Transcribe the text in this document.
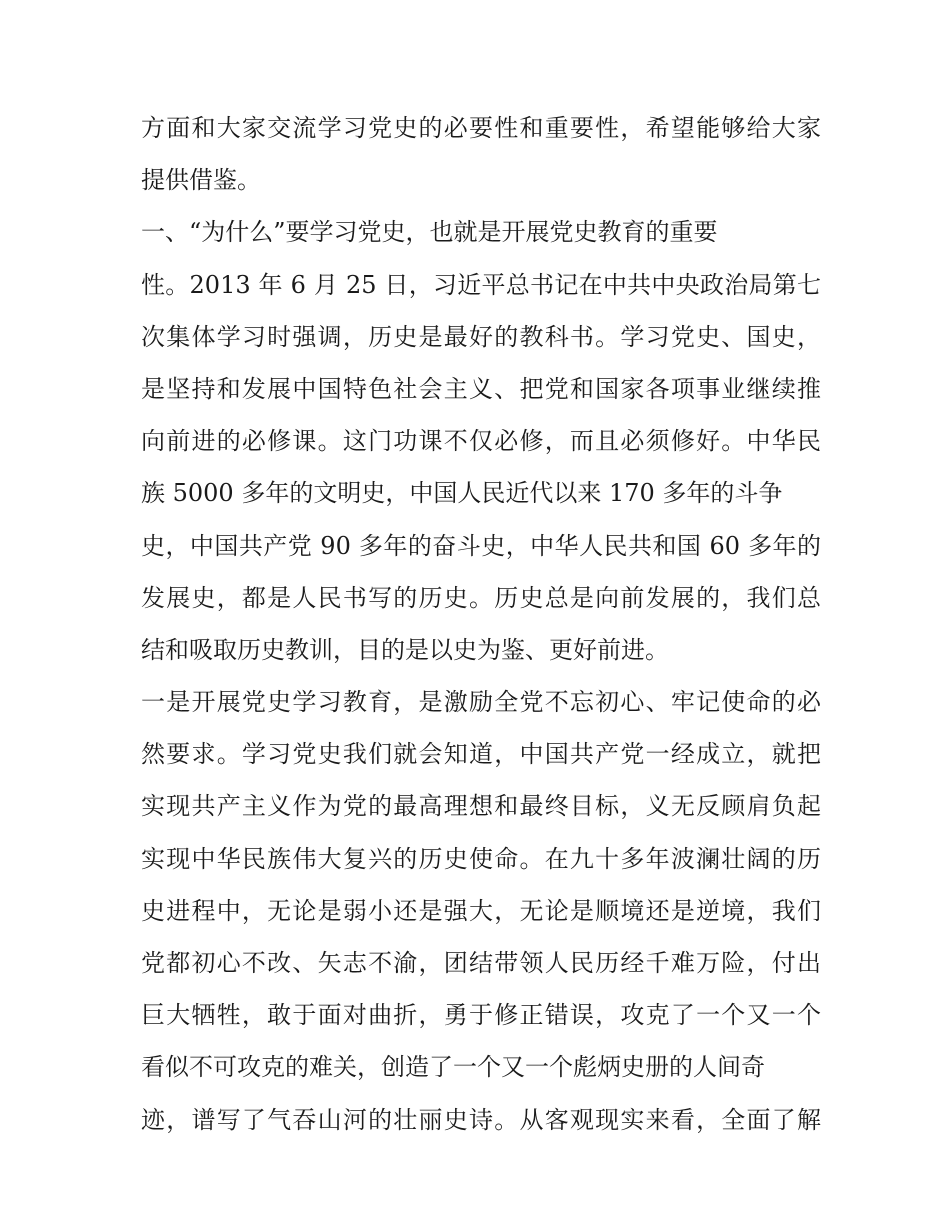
方面和大家交流学习党史的必要性和重要性，希望能够给大家
提供借鉴。
一、“为什么”要学习党史，也就是开展党史教育的重要
性。2013 年 6 月 25 日，习近平总书记在中共中央政治局第七
次集体学习时强调，历史是最好的教科书。学习党史、国史，
是坚持和发展中国特色社会主义、把党和国家各项事业继续推
向前进的必修课。这门功课不仅必修，而且必须修好。中华民
族 5000 多年的文明史，中国人民近代以来 170 多年的斗争
史，中国共产党 90 多年的奋斗史，中华人民共和国 60 多年的
发展史，都是人民书写的历史。历史总是向前发展的，我们总
结和吸取历史教训，目的是以史为鉴、更好前进。
一是开展党史学习教育，是激励全党不忘初心、牢记使命的必
然要求。学习党史我们就会知道，中国共产党一经成立，就把
实现共产主义作为党的最高理想和最终目标，义无反顾肩负起
实现中华民族伟大复兴的历史使命。在九十多年波澜壮阔的历
史进程中，无论是弱小还是强大，无论是顺境还是逆境，我们
党都初心不改、矢志不渝，团结带领人民历经千难万险，付出
巨大牺牲，敢于面对曲折，勇于修正错误，攻克了一个又一个
看似不可攻克的难关，创造了一个又一个彪炳史册的人间奇
迹，谱写了气吞山河的壮丽史诗。从客观现实来看，全面了解
